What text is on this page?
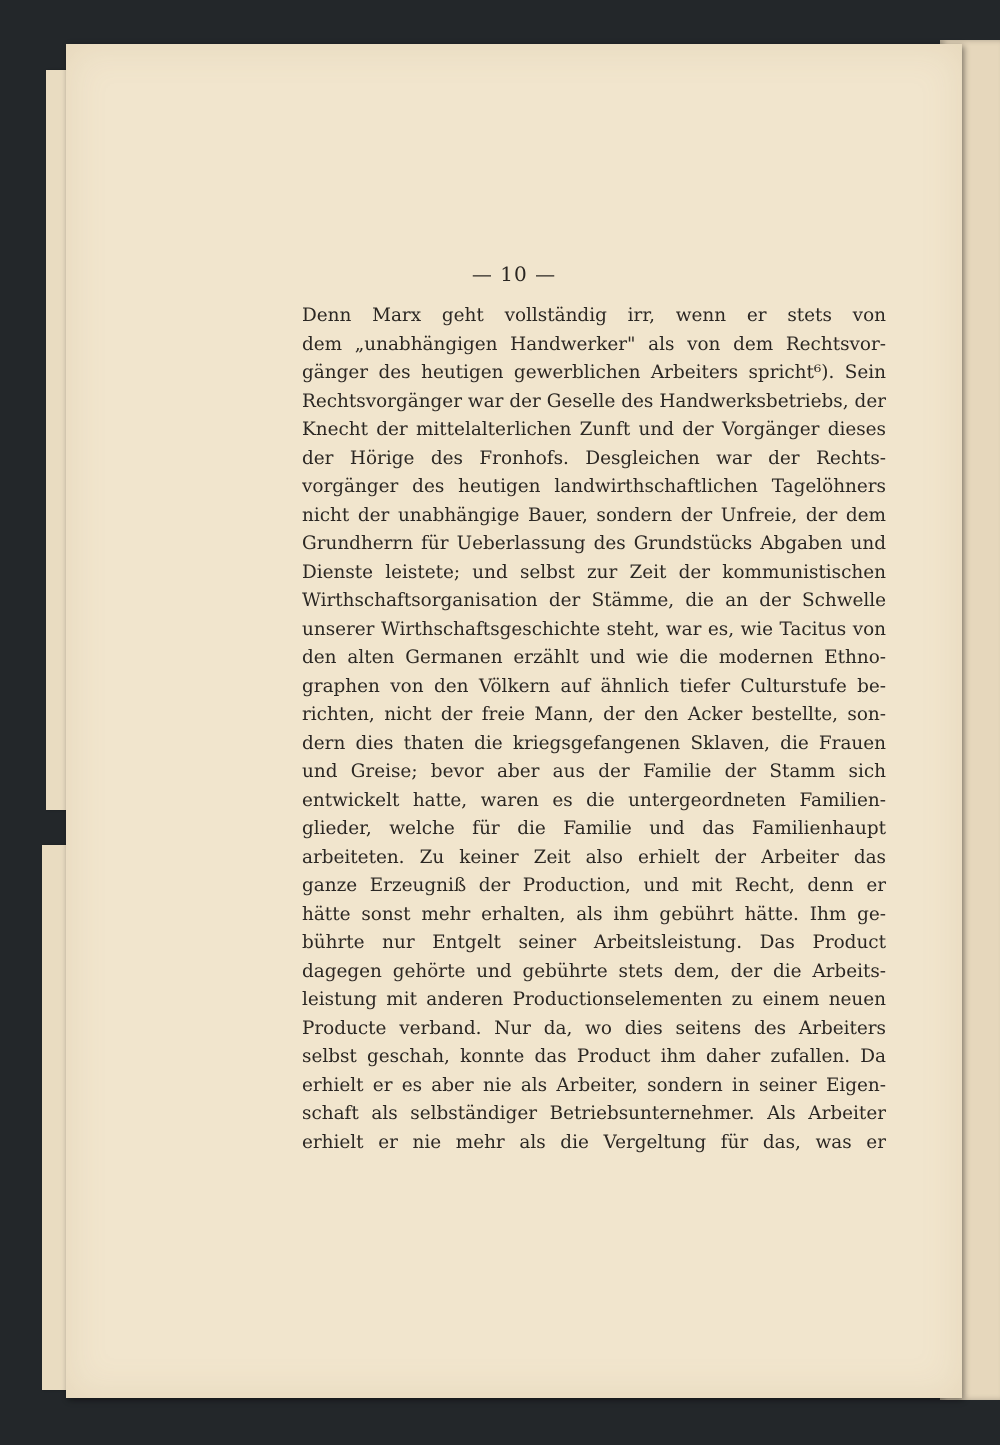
— 10 —
Denn Marx geht vollständig irr, wenn er stets von
dem „unabhängigen Handwerker" als von dem Rechtsvor-
gänger des heutigen gewerblichen Arbeiters spricht⁶). Sein
Rechtsvorgänger war der Geselle des Handwerksbetriebs, der
Knecht der mittelalterlichen Zunft und der Vorgänger dieses
der Hörige des Fronhofs. Desgleichen war der Rechts-
vorgänger des heutigen landwirthschaftlichen Tagelöhners
nicht der unabhängige Bauer, sondern der Unfreie, der dem
Grundherrn für Ueberlassung des Grundstücks Abgaben und
Dienste leistete; und selbst zur Zeit der kommunistischen
Wirthschaftsorganisation der Stämme, die an der Schwelle
unserer Wirthschaftsgeschichte steht, war es, wie Tacitus von
den alten Germanen erzählt und wie die modernen Ethno-
graphen von den Völkern auf ähnlich tiefer Culturstufe be-
richten, nicht der freie Mann, der den Acker bestellte, son-
dern dies thaten die kriegsgefangenen Sklaven, die Frauen
und Greise; bevor aber aus der Familie der Stamm sich
entwickelt hatte, waren es die untergeordneten Familien-
glieder, welche für die Familie und das Familienhaupt
arbeiteten. Zu keiner Zeit also erhielt der Arbeiter das
ganze Erzeugniß der Production, und mit Recht, denn er
hätte sonst mehr erhalten, als ihm gebührt hätte. Ihm ge-
bührte nur Entgelt seiner Arbeitsleistung. Das Product
dagegen gehörte und gebührte stets dem, der die Arbeits-
leistung mit anderen Productionselementen zu einem neuen
Producte verband. Nur da, wo dies seitens des Arbeiters
selbst geschah, konnte das Product ihm daher zufallen. Da
erhielt er es aber nie als Arbeiter, sondern in seiner Eigen-
schaft als selbständiger Betriebsunternehmer. Als Arbeiter
erhielt er nie mehr als die Vergeltung für das, was er
